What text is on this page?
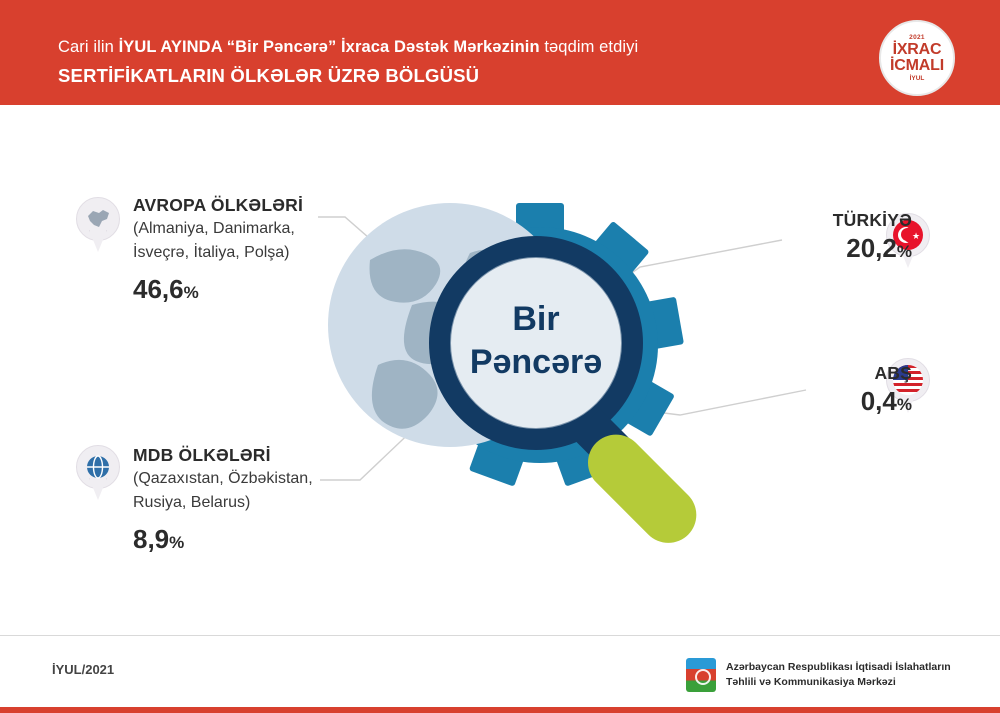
Cari ilin İYUL AYINDA “Bir Pəncərə” İxracа Dəstək Mərkəzinin təqdim etdiyi
SERTİFİKATLARIN ÖLKƏLƏR ÜZRƏ BÖLGÜSÜ
2021
İXRAC
İCMALI
İYUL
Bir
Pəncərə
AVROPA ÖLKƏLƏRİ
(Almaniya, Danimarka,
İsveçrə, İtaliya, Polşa)
46,6%
MDB ÖLKƏLƏRİ
(Qazaxıstan, Özbəkistan,
Rusiya, Belarus)
8,9%
★
TÜRKİYƏ
20,2%
ABŞ
0,4%
İYUL/2021	Azərbaycan Respublikası İqtisadi İslahatların
Təhlili və Kommunikasiya Mərkəzi
